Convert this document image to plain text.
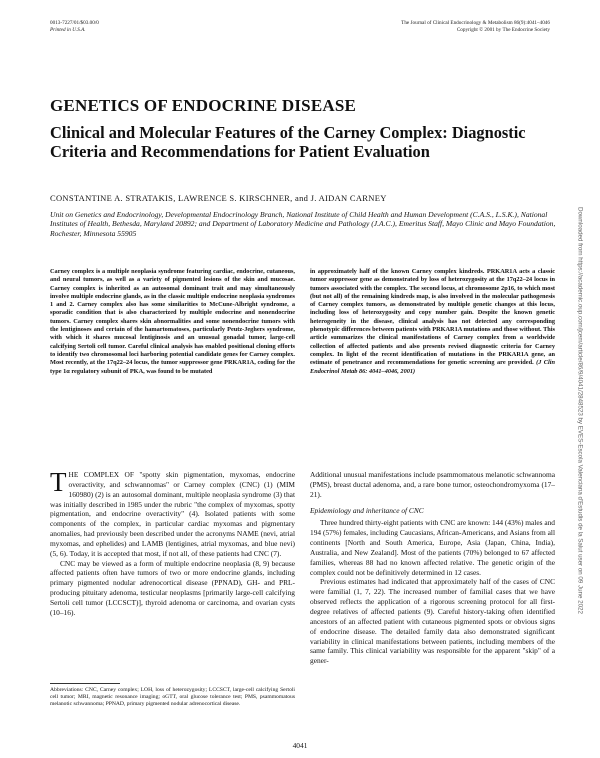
0013-7227/01/$03.00/0
Printed in U.S.A.
The Journal of Clinical Endocrinology & Metabolism 86(9):4041–4046
Copyright © 2001 by The Endocrine Society
GENETICS OF ENDOCRINE DISEASE
Clinical and Molecular Features of the Carney Complex: Diagnostic Criteria and Recommendations for Patient Evaluation
CONSTANTINE A. STRATAKIS, LAWRENCE S. KIRSCHNER, and J. AIDAN CARNEY
Unit on Genetics and Endocrinology, Developmental Endocrinology Branch, National Institute of Child Health and Human Development (C.A.S., L.S.K.), National Institutes of Health, Bethesda, Maryland 20892; and Department of Laboratory Medicine and Pathology (J.A.C.), Emeritus Staff, Mayo Clinic and Mayo Foundation, Rochester, Minnesota 55905

Carney complex is a multiple neoplasia syndrome featuring cardiac, endocrine, cutaneous, and neural tumors, as well as a variety of pigmented lesions of the skin and mucosae. Carney complex is inherited as an autosomal dominant trait and may simultaneously involve multiple endocrine glands, as in the classic multiple endocrine neoplasia syndromes 1 and 2. Carney complex also has some similarities to McCune-Albright syndrome, a sporadic condition that is also characterized by multiple endocrine and nonendocrine tumors. Carney complex shares skin abnormalities and some nonendocrine tumors with the lentiginoses and certain of the hamartomatoses, particularly Peutz-Jeghers syndrome, with which it shares mucosal lentiginosis and an unusual gonadal tumor, large-cell calcifying Sertoli cell tumor. Careful clinical analysis has enabled positional cloning efforts to identify two chromosomal loci harboring potential candidate genes for Carney complex. Most recently, at the 17q22–24 locus, the tumor suppressor gene PRKAR1A, coding for the type 1α regulatory subunit of PKA, was found to be mutated

in approximately half of the known Carney complex kindreds. PRKAR1A acts a classic tumor suppressor gene as demonstrated by loss of heterozygosity at the 17q22–24 locus in tumors associated with the complex. The second locus, at chromosome 2p16, to which most (but not all) of the remaining kindreds map, is also involved in the molecular pathogenesis of Carney complex tumors, as demonstrated by multiple genetic changes at this locus, including loss of heterozygosity and copy number gain. Despite the known genetic heterogeneity in the disease, clinical analysis has not detected any corresponding phenotypic differences between patients with PRKAR1A mutations and those without. This article summarizes the clinical manifestations of Carney complex from a worldwide collection of affected patients and also presents revised diagnostic criteria for Carney complex. In light of the recent identification of mutations in the PRKAR1A gene, an estimate of penetrance and recommendations for genetic screening are provided. (J Clin Endocrinol Metab 86: 4041–4046, 2001)

THE COMPLEX OF "spotty skin pigmentation, myxomas, endocrine overactivity, and schwannomas" or Carney complex (CNC) (1) (MIM 160980) (2) is an autosomal dominant, multiple neoplasia syndrome (3) that was initially described in 1985 under the rubric "the complex of myxomas, spotty pigmentation, and endocrine overactivity" (4). Isolated patients with some components of the complex, in particular cardiac myxomas and pigmentary anomalies, had previously been described under the acronyms NAME (nevi, atrial myxomas, and ephelides) and LAMB (lentigines, atrial myxomas, and blue nevi) (5, 6). Today, it is accepted that most, if not all, of these patients had CNC (7).

CNC may be viewed as a form of multiple endocrine neoplasia (8, 9) because affected patients often have tumors of two or more endocrine glands, including primary pigmented nodular adrenocortical disease (PPNAD), GH- and PRL-producing pituitary adenoma, testicular neoplasms [primarily large-cell calcifying Sertoli cell tumor (LCCSCT)], thyroid adenoma or carcinoma, and ovarian cysts (10–16).

Additional unusual manifestations include psammomatous melanotic schwannoma (PMS), breast ductal adenoma, and, a rare bone tumor, osteochondromyxoma (17–21).

Epidemiology and inheritance of CNC

Three hundred thirty-eight patients with CNC are known: 144 (43%) males and 194 (57%) females, including Caucasians, African-Americans, and Asians from all continents [North and South America, Europe, Asia (Japan, China, India), Australia, and New Zealand]. Most of the patients (70%) belonged to 67 affected families, whereas 88 had no known affected relative. The genetic origin of the complex could not be definitively determined in 12 cases.

Previous estimates had indicated that approximately half of the cases of CNC were familial (1, 7, 22). The increased number of familial cases that we have observed reflects the application of a rigorous screening protocol for all first-degree relatives of affected patients (9). Careful history-taking often identified ancestors of an affected patient with cutaneous pigmented spots or obvious signs of endocrine disease. The detailed family data also demonstrated significant variability in clinical manifestations between patients, including members of the same family. This clinical variability was responsible for the apparent "skip" of a gener-

Abbreviations: CNC, Carney complex; LOH, loss of heterozygosity; LCCSCT, large-cell calcifying Sertoli cell tumor; MRI, magnetic resonance imaging; oGTT, oral glucose tolerance test; PMS, psammomatous melanotic schwannoma; PPNAD, primary pigmented nodular adrenocortical disease.
4041
Downloaded from https://academic.oup.com/jcem/article/86/9/4041/2848523 by EVES-Escola Valenciana d'Estudis de la Salut user on 09 June 2022
